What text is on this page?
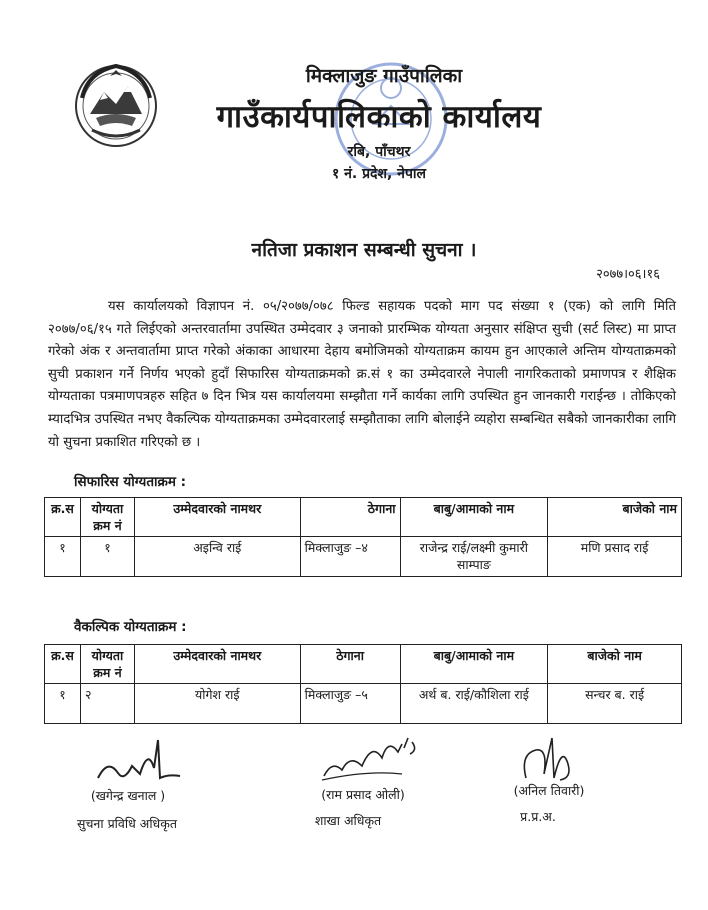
मिक्लाजुङ गाउँपालिका
गाउँकार्यपालिकाको कार्यालय
रबि, पाँचथर
१ नं. प्रदेश, नेपाल
नतिजा प्रकाशन सम्बन्धी सुचना ।
२०७७।०६।१६
यस कार्यालयको विज्ञापन नं. ०५/२०७७/०७८ फिल्ड सहायक पदको माग पद संख्या १ (एक) को लागि मिति २०७७/०६/१५ गते लिईएको अन्तरवार्तामा उपस्थित उम्मेदवार ३ जनाको प्रारम्भिक योग्यता अनुसार संक्षिप्त सुची (सर्ट लिस्ट) मा प्राप्त गरेको अंक र अन्तवार्तामा प्राप्त गरेको अंकाका आधारमा देहाय बमोजिमको योग्यताक्रम कायम हुन आएकाले अन्तिम योग्यताक्रमको सुची प्रकाशन गर्ने निर्णय भएको हुदाँ सिफारिस योग्यताक्रमको क्र.सं १ का उम्मेदवारले नेपाली नागरिकताको प्रमाणपत्र र शैक्षिक योग्यताका पत्रमाणपत्रहरु सहित ७ दिन भित्र यस कार्यालयमा सम्झौता गर्ने कार्यका लागि उपस्थित हुन जानकारी गराईन्छ । तोकिएको म्यादभित्र उपस्थित नभए वैकल्पिक योग्यताक्रमका उम्मेदवारलाई सम्झौताका लागि बोलाईने व्यहोरा सम्बन्धित सबैको जानकारीका लागि यो सुचना प्रकाशित गरिएको छ ।
सिफारिस योग्यताक्रम :
क्र.स	योग्यता क्रम नं	उम्मेदवारको नामथर	ठेगाना	बाबु/आमाको नाम	बाजेको नाम
१	१	अइन्वि राई	मिक्लाजुङ –४	राजेन्द्र राई/लक्ष्मी कुमारी साम्पाङ	मणि प्रसाद राई
वैकल्पिक योग्यताक्रम :
क्र.स	योग्यता क्रम नं	उम्मेदवारको नामथर	ठेगाना	बाबु/आमाको नाम	बाजेको नाम
१	२	योगेश राई	मिक्लाजुङ –५	अर्थ ब. राई/कौशिला राई	सन्चर ब. राई
(खगेन्द्र खनाल )
सुचना प्रविधि अधिकृत
(राम प्रसाद ओली)
शाखा अधिकृत
(अनिल तिवारी)
प्र.प्र.अ.
